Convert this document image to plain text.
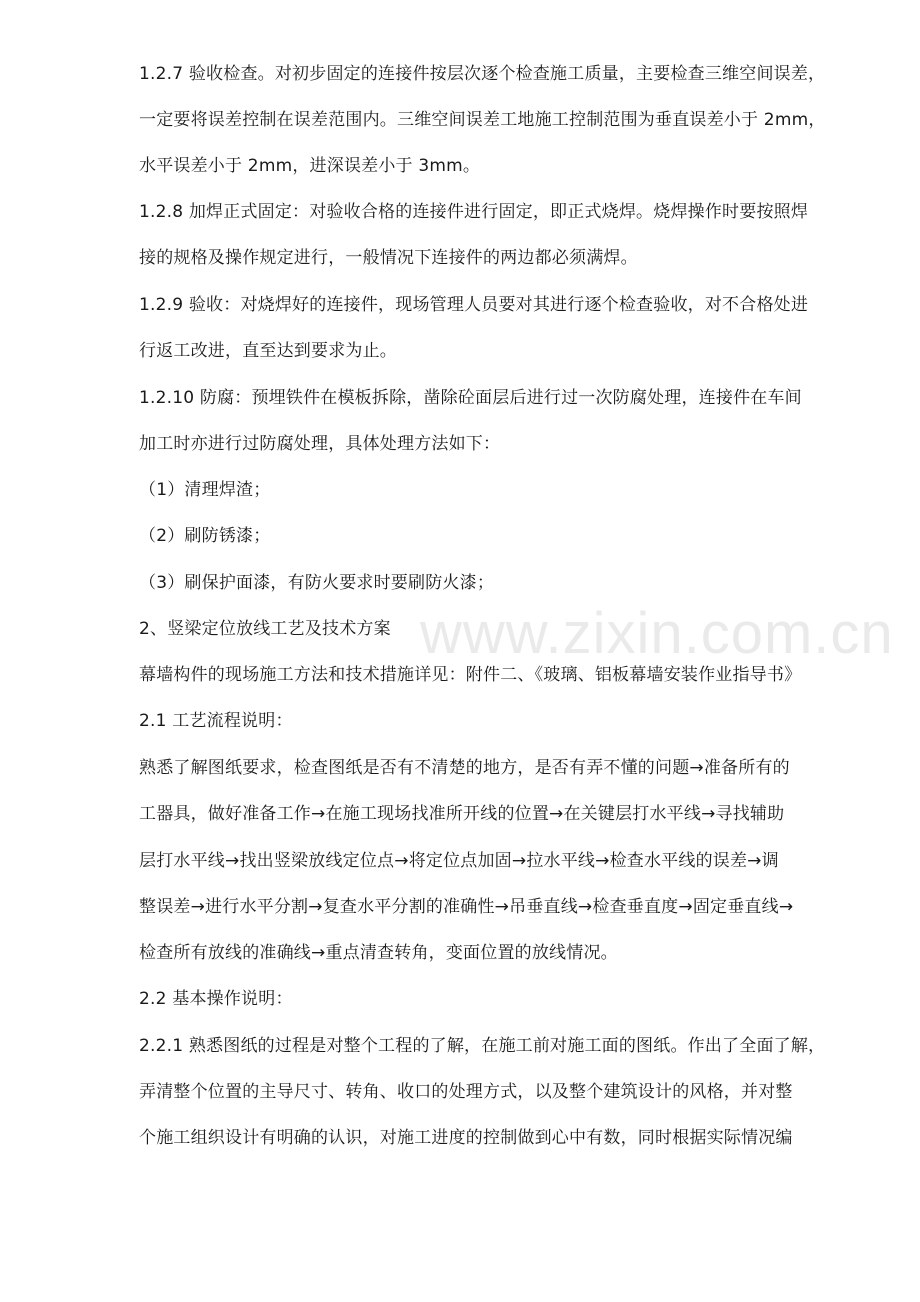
www.zixin.com.cn
1.2.7 验收检查。对初步固定的连接件按层次逐个检查施工质量，主要检查三维空间误差，
一定要将误差控制在误差范围内。三维空间误差工地施工控制范围为垂直误差小于 2mm，
水平误差小于 2mm，进深误差小于 3mm。
1.2.8 加焊正式固定：对验收合格的连接件进行固定，即正式烧焊。烧焊操作时要按照焊
接的规格及操作规定进行，一般情况下连接件的两边都必须满焊。
1.2.9 验收：对烧焊好的连接件，现场管理人员要对其进行逐个检查验收，对不合格处进
行返工改进，直至达到要求为止。
1.2.10 防腐：预埋铁件在模板拆除，凿除砼面层后进行过一次防腐处理，连接件在车间
加工时亦进行过防腐处理，具体处理方法如下：
（1）清理焊渣；
（2）刷防锈漆；
（3）刷保护面漆，有防火要求时要刷防火漆；
2、竖梁定位放线工艺及技术方案
幕墙构件的现场施工方法和技术措施详见：附件二、《玻璃、铝板幕墙安装作业指导书》
2.1 工艺流程说明：
熟悉了解图纸要求，检查图纸是否有不清楚的地方，是否有弄不懂的问题→准备所有的
工器具，做好准备工作→在施工现场找准所开线的位置→在关键层打水平线→寻找辅助
层打水平线→找出竖梁放线定位点→将定位点加固→拉水平线→检查水平线的误差→调
整误差→进行水平分割→复查水平分割的准确性→吊垂直线→检查垂直度→固定垂直线→
检查所有放线的准确线→重点清查转角，变面位置的放线情况。
2.2 基本操作说明：
2.2.1 熟悉图纸的过程是对整个工程的了解，在施工前对施工面的图纸。作出了全面了解，
弄清整个位置的主导尺寸、转角、收口的处理方式，以及整个建筑设计的风格，并对整
个施工组织设计有明确的认识，对施工进度的控制做到心中有数，同时根据实际情况编
